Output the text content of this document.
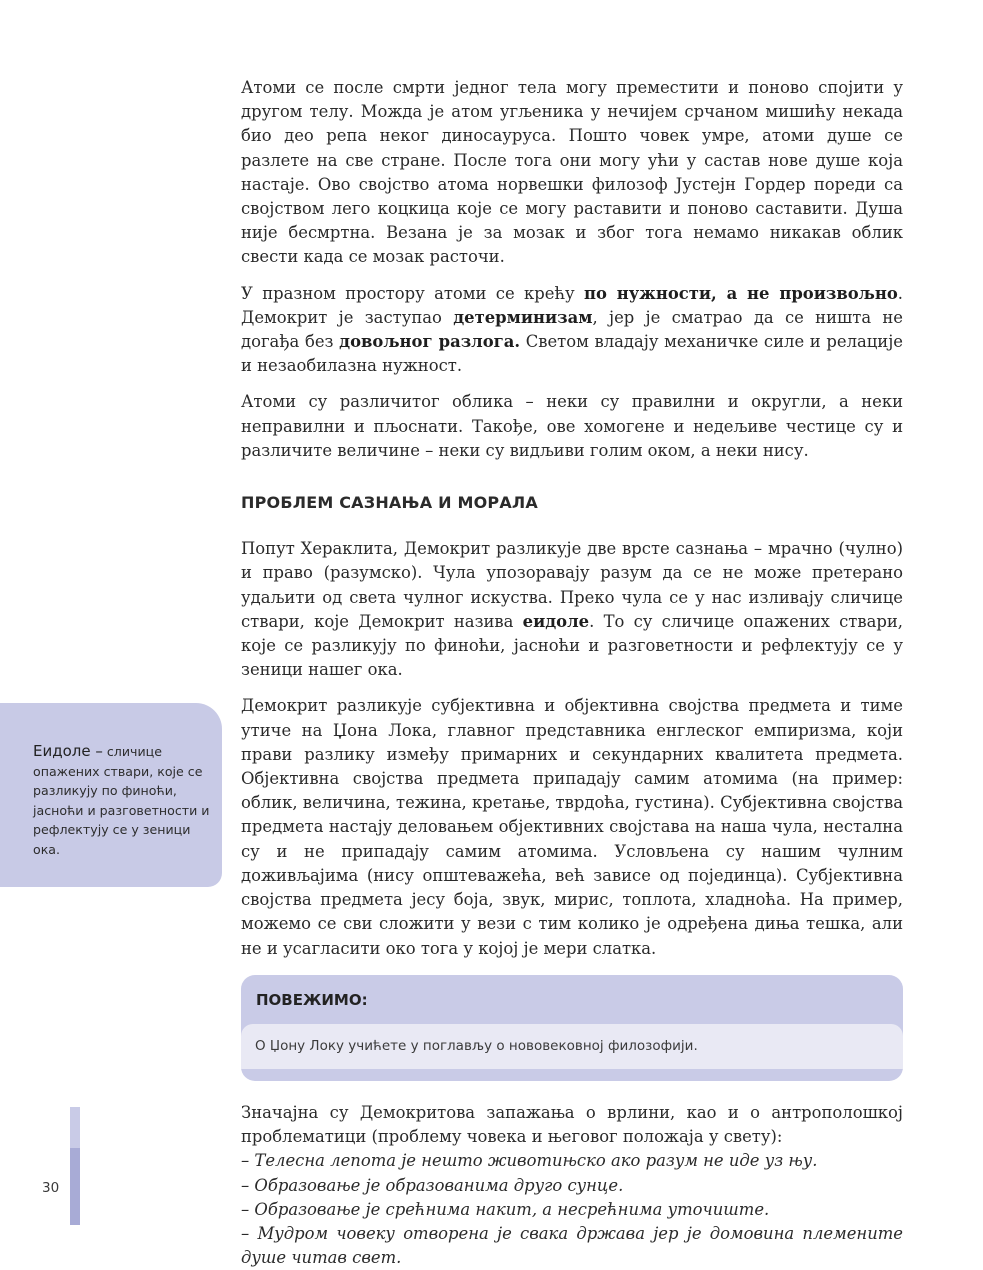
Еидоле – сличице опажених ствари, које се разликују по финоћи, јасноћи и разговетности и рефлектују се у зеници ока.

Атоми се после смрти једног тела могу преместити и поново спојити у другом телу. Можда је атом угљеника у нечијем срчаном мишићу некада био део репа неког диносауруса. Пошто човек умре, атоми душе се разлете на све стране. После тога они могу ући у састав нове душе која настаје. Ово својство атома норвешки филозоф Јустејн Гордер пореди са својством лего коцкица које се могу раставити и поново саставити. Душа није бесмртна. Везана је за мозак и због тога немамо никакав облик свести када се мозак расточи.

У празном простору атоми се крећу по нужности, а не произвољно. Демокрит је заступао детерминизам, јер је сматрао да се ништа не догађа без довољног разлога. Светом владају механичке силе и релације и незаобилазна нужност.

Атоми су различитог облика – неки су правилни и округли, а неки неправилни и пљоснати. Такође, ове хомогене и недељиве честице су и различите величине – неки су видљиви голим оком, а неки нису.

ПРОБЛЕМ САЗНАЊА И МОРАЛА

Попут Хераклита, Демокрит разликује две врсте сазнања – мрачно (чулно) и право (разумско). Чула упозоравају разум да се не може претерано удаљити од света чулног искуства. Преко чула се у нас изливају сличице ствари, које Демокрит назива еидоле. То су сличице опажених ствари, које се разликују по финоћи, јасноћи и разговетности и рефлектују се у зеници нашег ока.

Демокрит разликује субјективна и објективна својства предмета и тиме утиче на Џона Лока, главног представника енглеског емпиризма, који прави разлику између примарних и секундарних квалитета предмета. Објективна својства предмета припадају самим атомима (на пример: облик, величина, тежина, кретање, тврдоћа, густина). Субјективна својства предмета настају деловањем објективних својстава на наша чула, нестална су и не припадају самим атомима. Условљена су нашим чулним доживљајима (нису општеважећа, већ зависе од појединца). Субјективна својства предмета јесу боја, звук, мирис, топлота, хладноћа. На пример, можемо се сви сложити у вези с тим колико је одређена диња тешка, али не и усагласити око тога у којој је мери слатка.

ПОВЕЖИМО:
О Џону Локу учићете у поглављу о нововековној филозофији.
Значајна су Демокритова запажања о врлини, као и о антрополошкој проблематици (проблему човека и његовог положаја у свету):
– Телесна лепота је нешто животињско ако разум не иде уз њу.
– Образовање је образованима друго сунце.
– Образовање је срећнима накит, а несрећнима уточиште.
– Мудром човеку отворена је свака држава јер је домовина племените душе читав свет.
30
